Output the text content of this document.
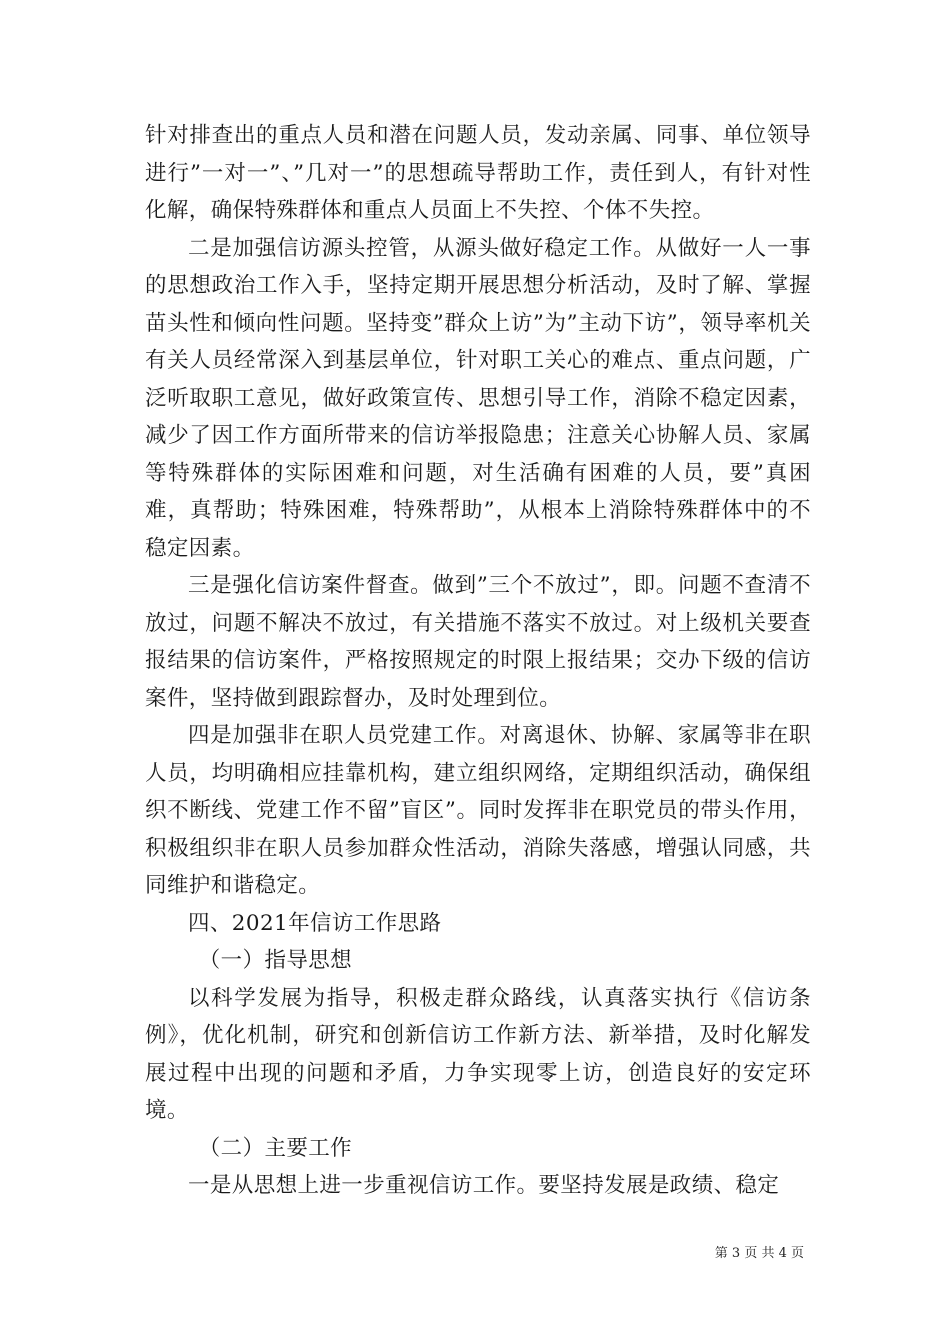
针对排查出的重点人员和潜在问题人员，发动亲属、同事、单位领导进行”一对一”、”几对一”的思想疏导帮助工作，责任到人，有针对性化解，确保特殊群体和重点人员面上不失控、个体不失控。

二是加强信访源头控管，从源头做好稳定工作。从做好一人一事的思想政治工作入手，坚持定期开展思想分析活动，及时了解、掌握苗头性和倾向性问题。坚持变”群众上访”为”主动下访”，领导率机关有关人员经常深入到基层单位，针对职工关心的难点、重点问题，广泛听取职工意见，做好政策宣传、思想引导工作，消除不稳定因素，减少了因工作方面所带来的信访举报隐患；注意关心协解人员、家属等特殊群体的实际困难和问题，对生活确有困难的人员，要”真困难，真帮助；特殊困难，特殊帮助”，从根本上消除特殊群体中的不稳定因素。

三是强化信访案件督查。做到”三个不放过”，即。问题不查清不放过，问题不解决不放过，有关措施不落实不放过。对上级机关要查报结果的信访案件，严格按照规定的时限上报结果；交办下级的信访案件，坚持做到跟踪督办，及时处理到位。

四是加强非在职人员党建工作。对离退休、协解、家属等非在职人员，均明确相应挂靠机构，建立组织网络，定期组织活动，确保组织不断线、党建工作不留”盲区”。同时发挥非在职党员的带头作用，积极组织非在职人员参加群众性活动，消除失落感，增强认同感，共同维护和谐稳定。

四、2021年信访工作思路

（一）指导思想

以科学发展为指导，积极走群众路线，认真落实执行《信访条例》，优化机制，研究和创新信访工作新方法、新举措，及时化解发展过程中出现的问题和矛盾，力争实现零上访，创造良好的安定环境。

（二）主要工作

一是从思想上进一步重视信访工作。要坚持发展是政绩、稳定

第 3 页 共 4 页
